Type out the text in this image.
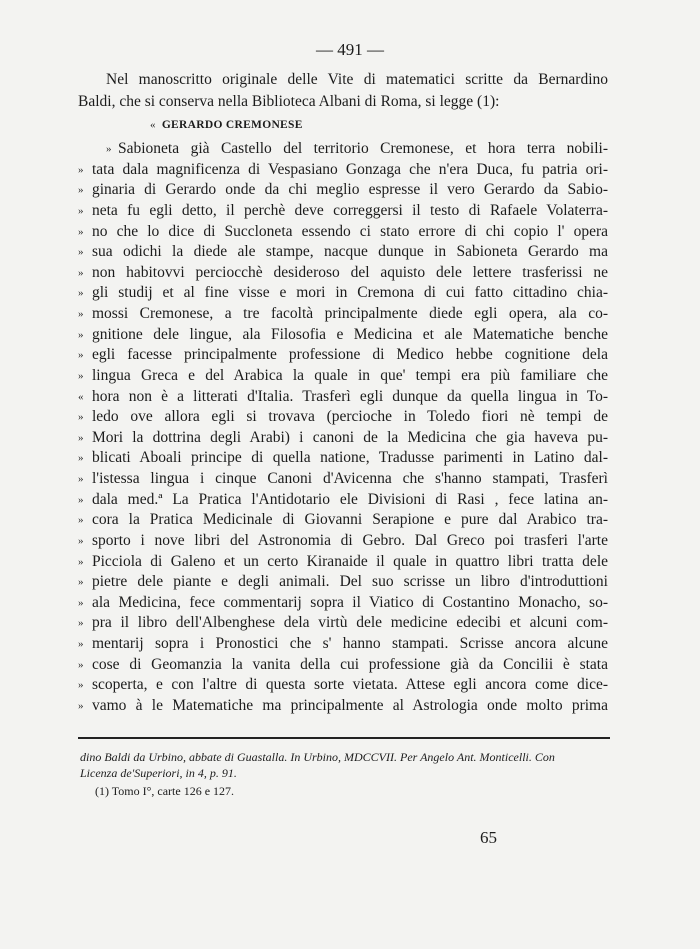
— 491 —
Nel manoscritto originale delle Vite di matematici scritte da Bernardino
Baldi, che si conserva nella Biblioteca Albani di Roma, si legge (1):
« GERARDO CREMONESE
» Sabioneta già Castello del territorio Cremonese, et hora terra nobili-
» tata dala magnificenza di Vespasiano Gonzaga che n'era Duca, fu patria ori-
» ginaria di Gerardo onde da chi meglio espresse il vero Gerardo da Sabio-
» neta fu egli detto, il perchè deve correggersi il testo di Rafaele Volaterra-
» no che lo dice di Succloneta essendo ci stato errore di chi copio l' opera
» sua odichi la diede ale stampe, nacque dunque in Sabioneta Gerardo ma
» non habitovvi perciocchè desideroso del aquisto dele lettere trasferissi ne
» gli studij et al fine visse e mori in Cremona di cui fatto cittadino chia-
» mossi Cremonese, a tre facoltà principalmente diede egli opera, ala co-
» gnitione dele lingue, ala Filosofia e Medicina et ale Matematiche benche
» egli facesse principalmente professione di Medico hebbe cognitione dela
» lingua Greca e del Arabica la quale in que' tempi era più familiare che
« hora non è a litterati d'Italia. Trasferì egli dunque da quella lingua in To-
» ledo ove allora egli si trovava (percioche in Toledo fiori nè tempi de
» Mori la dottrina degli Arabi) i canoni de la Medicina che gia haveva pu-
» blicati Aboali principe di quella natione, Tradusse parimenti in Latino dal-
» l'istessa lingua i cinque Canoni d'Avicenna che s'hanno stampati, Trasferì
» dala med.ª La Pratica l'Antidotario ele Divisioni di Rasi , fece latina an-
» cora la Pratica Medicinale di Giovanni Serapione e pure dal Arabico tra-
» sporto i nove libri del Astronomia di Gebro. Dal Greco poi trasferi l'arte
» Picciola di Galeno et un certo Kiranaide il quale in quattro libri tratta dele
» pietre dele piante e degli animali. Del suo scrisse un libro d'introduttioni
» ala Medicina, fece commentarij sopra il Viatico di Costantino Monacho, so-
» pra il libro dell'Albenghese dela virtù dele medicine edecibi et alcuni com-
» mentarij sopra i Pronostici che s' hanno stampati. Scrisse ancora alcune
» cose di Geomanzia la vanita della cui professione già da Concilii è stata
» scoperta, e con l'altre di questa sorte vietata. Attese egli ancora come dice-
» vamo à le Matematiche ma principalmente al Astrologia onde molto prima
dino Baldi da Urbino, abbate di Guastalla. In Urbino, MDCCVII. Per Angelo Ant. Monticelli. Con
Licenza de'Superiori, in 4, p. 91.
(1) Tomo I°, carte 126 e 127.
65
